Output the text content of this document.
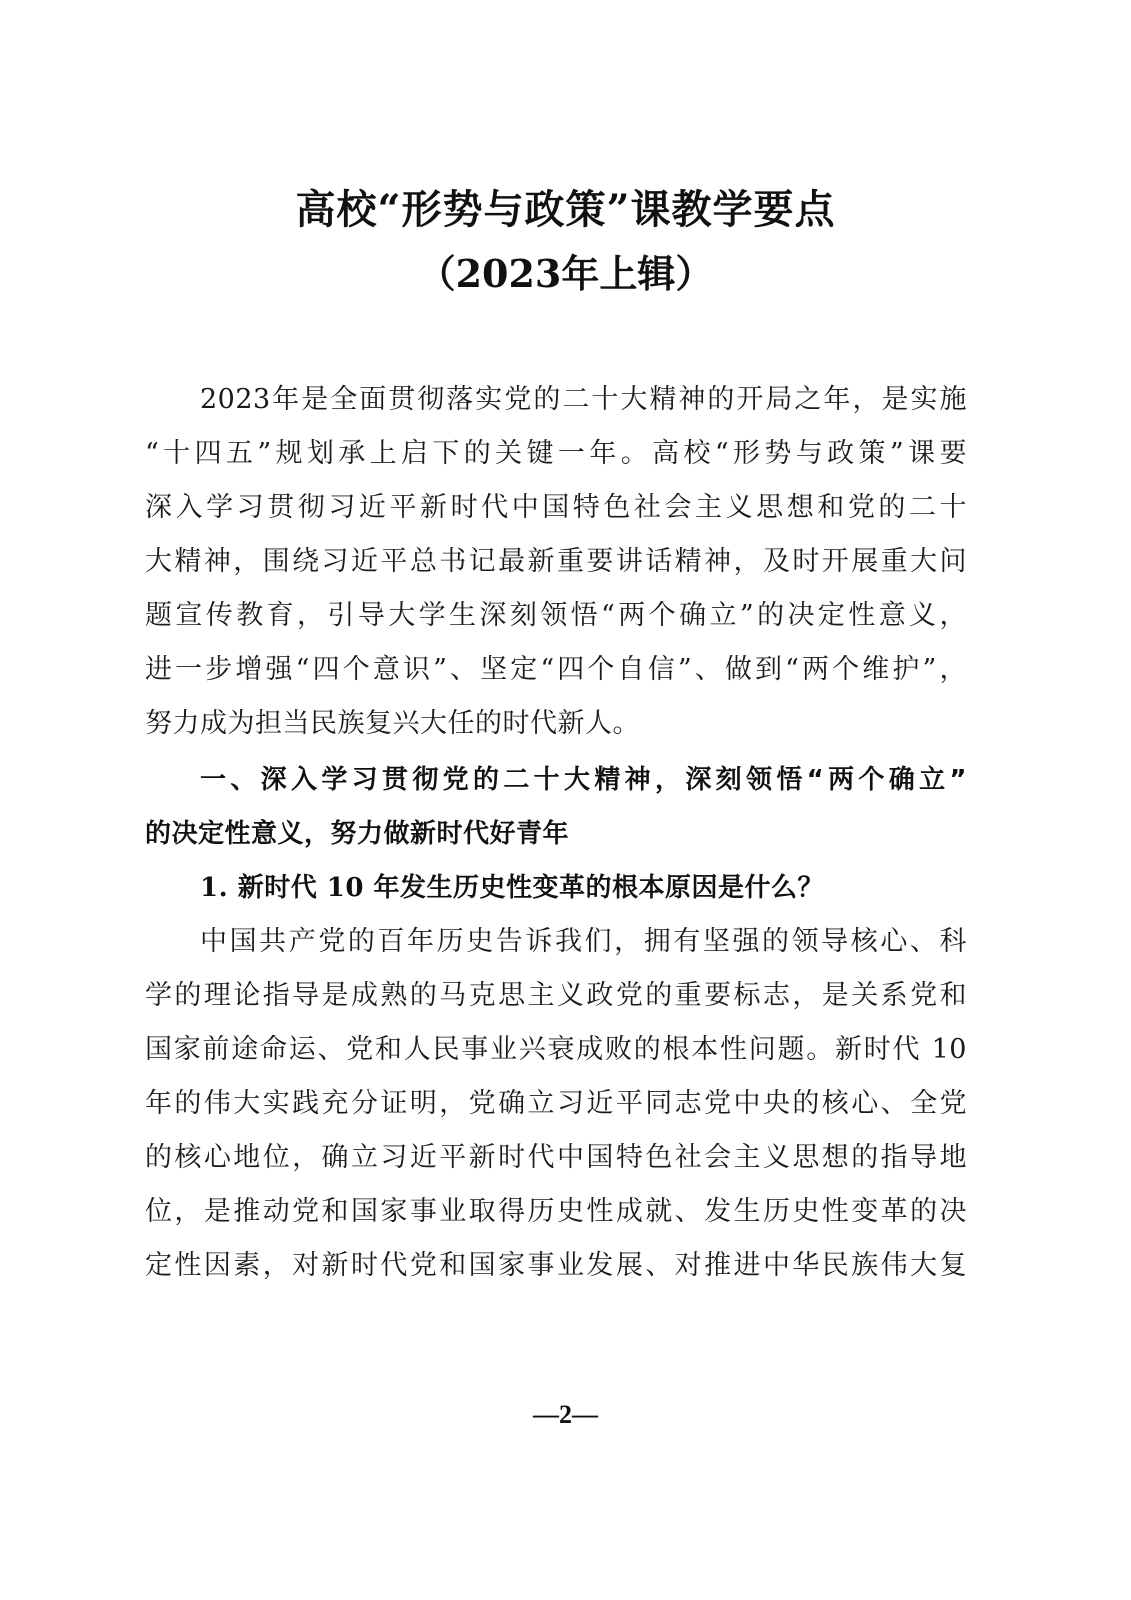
高校“形势与政策”课教学要点
（2023年上辑）
2023年是全面贯彻落实党的二十大精神的开局之年，是实施
“十四五”规划承上启下的关键一年。高校“形势与政策”课要
深入学习贯彻习近平新时代中国特色社会主义思想和党的二十
大精神，围绕习近平总书记最新重要讲话精神，及时开展重大问
题宣传教育，引导大学生深刻领悟“两个确立”的决定性意义，
进一步增强“四个意识”、坚定“四个自信”、做到“两个维护”，
努力成为担当民族复兴大任的时代新人。
一、深入学习贯彻党的二十大精神，深刻领悟“两个确立”
的决定性意义，努力做新时代好青年
1. 新时代 10 年发生历史性变革的根本原因是什么？
中国共产党的百年历史告诉我们，拥有坚强的领导核心、科
学的理论指导是成熟的马克思主义政党的重要标志，是关系党和
国家前途命运、党和人民事业兴衰成败的根本性问题。新时代 10
年的伟大实践充分证明，党确立习近平同志党中央的核心、全党
的核心地位，确立习近平新时代中国特色社会主义思想的指导地
位，是推动党和国家事业取得历史性成就、发生历史性变革的决
定性因素，对新时代党和国家事业发展、对推进中华民族伟大复
—2—
